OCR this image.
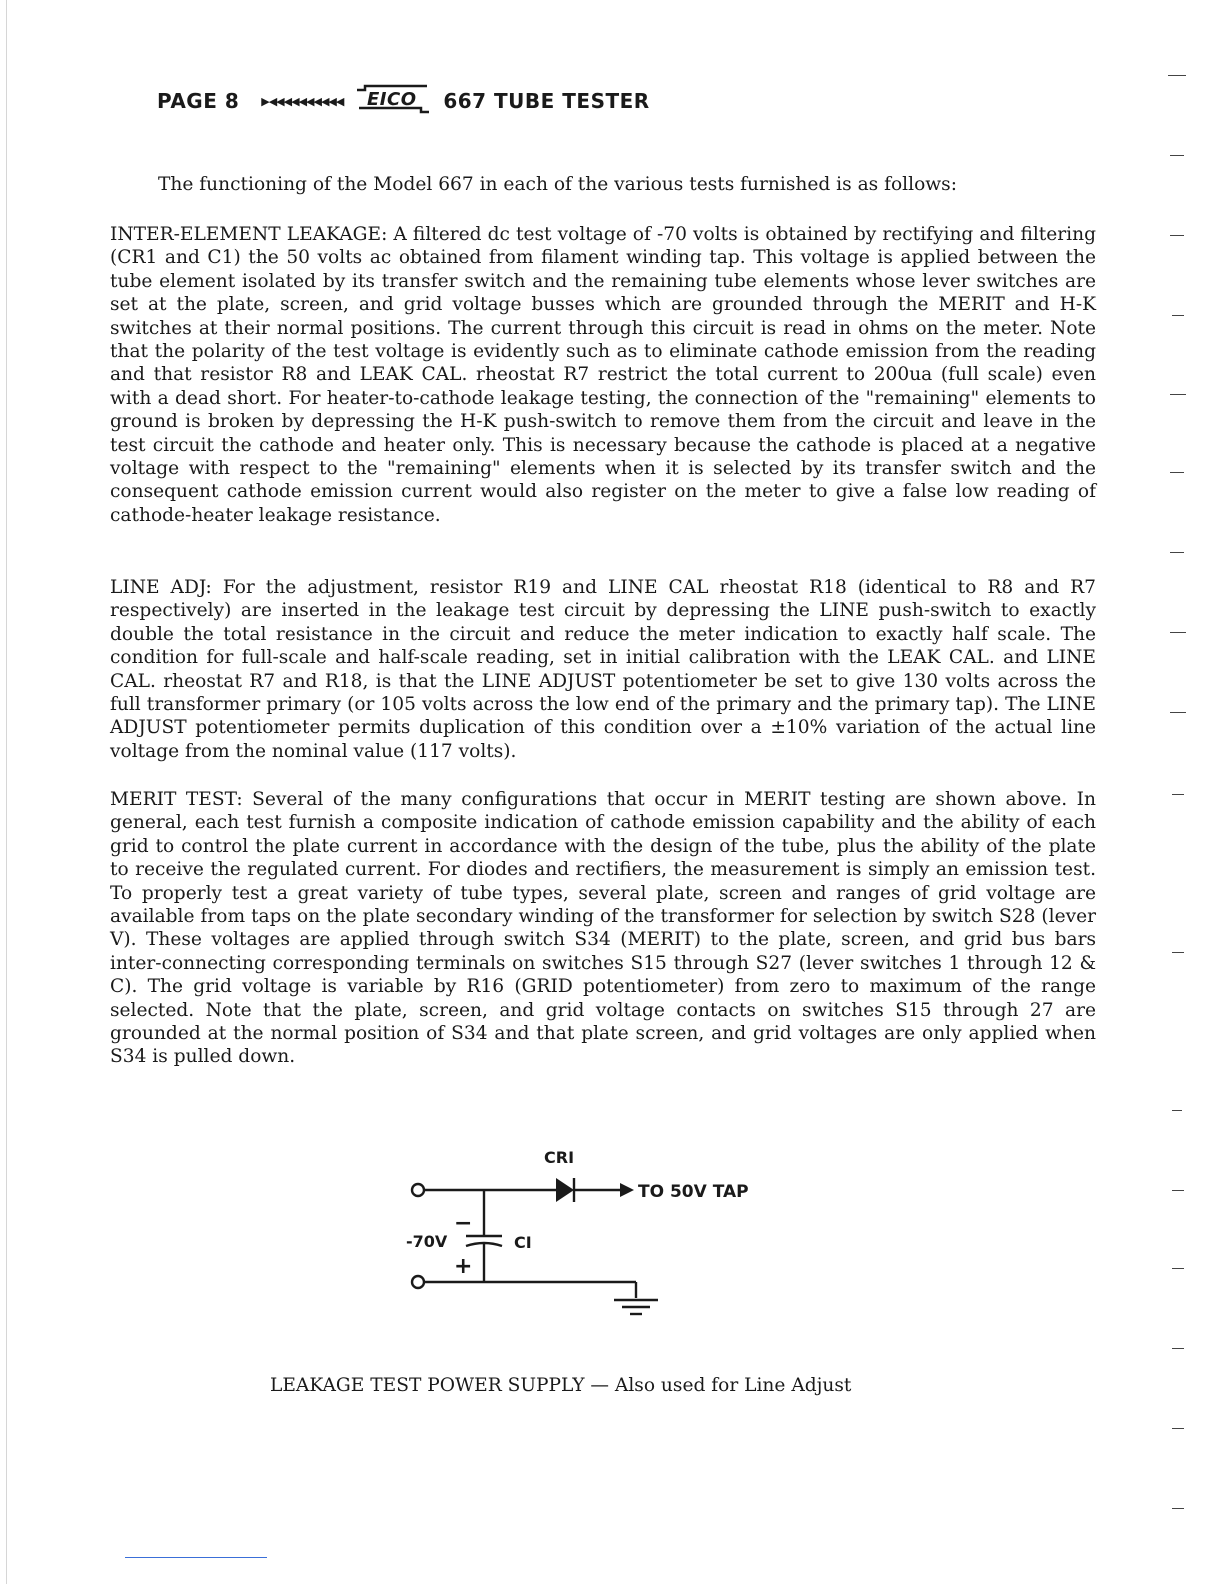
PAGE 8 ▶◀◀◀◀◀◀◀◀◀◀ EICO 667 TUBE TESTER

The functioning of the Model 667 in each of the various tests furnished is as follows:

INTER-ELEMENT LEAKAGE: A filtered dc test voltage of -70 volts is obtained by rectifying and filtering (CR1 and C1) the 50 volts ac obtained from filament winding tap. This voltage is applied between the tube element isolated by its transfer switch and the remaining tube elements whose lever switches are set at the plate, screen, and grid voltage busses which are grounded through the MERIT and H-K switches at their normal positions. The current through this circuit is read in ohms on the meter. Note that the polarity of the test voltage is evidently such as to eliminate cathode emission from the reading and that resistor R8 and LEAK CAL. rheostat R7 restrict the total current to 200ua (full scale) even with a dead short. For heater-to-cathode leakage testing, the connection of the "remaining" elements to ground is broken by depressing the H-K push-switch to remove them from the circuit and leave in the test circuit the cathode and heater only. This is necessary because the cathode is placed at a negative voltage with respect to the "remaining" elements when it is selected by its transfer switch and the consequent cathode emission current would also register on the meter to give a false low reading of cathode-heater leakage resistance.

LINE ADJ: For the adjustment, resistor R19 and LINE CAL rheostat R18 (identical to R8 and R7 respectively) are inserted in the leakage test circuit by depressing the LINE push-switch to exactly double the total resistance in the circuit and reduce the meter indication to exactly half scale. The condition for full-scale and half-scale reading, set in initial calibration with the LEAK CAL. and LINE CAL. rheostat R7 and R18, is that the LINE ADJUST potentiometer be set to give 130 volts across the full transformer primary (or 105 volts across the low end of the primary and the primary tap). The LINE ADJUST potentiometer permits duplication of this condition over a ±10% variation of the actual line voltage from the nominal value (117 volts).

MERIT TEST: Several of the many configurations that occur in MERIT testing are shown above. In general, each test furnish a composite indication of cathode emission capability and the ability of each grid to control the plate current in accordance with the design of the tube, plus the ability of the plate to receive the regulated current. For diodes and rectifiers, the measurement is simply an emission test. To properly test a great variety of tube types, several plate, screen and ranges of grid voltage are available from taps on the plate secondary winding of the transformer for selection by switch S28 (lever V). These voltages are applied through switch S34 (MERIT) to the plate, screen, and grid bus bars inter-connecting corresponding terminals on switches S15 through S27 (lever switches 1 through 12 & C). The grid voltage is variable by R16 (GRID potentiometer) from zero to maximum of the range selected. Note that the plate, screen, and grid voltage contacts on switches S15 through 27 are grounded at the normal position of S34 and that plate screen, and grid voltages are only applied when S34 is pulled down.

CRI
TO 50V TAP
-70V	CI
−
+

LEAKAGE TEST POWER SUPPLY — Also used for Line Adjust
